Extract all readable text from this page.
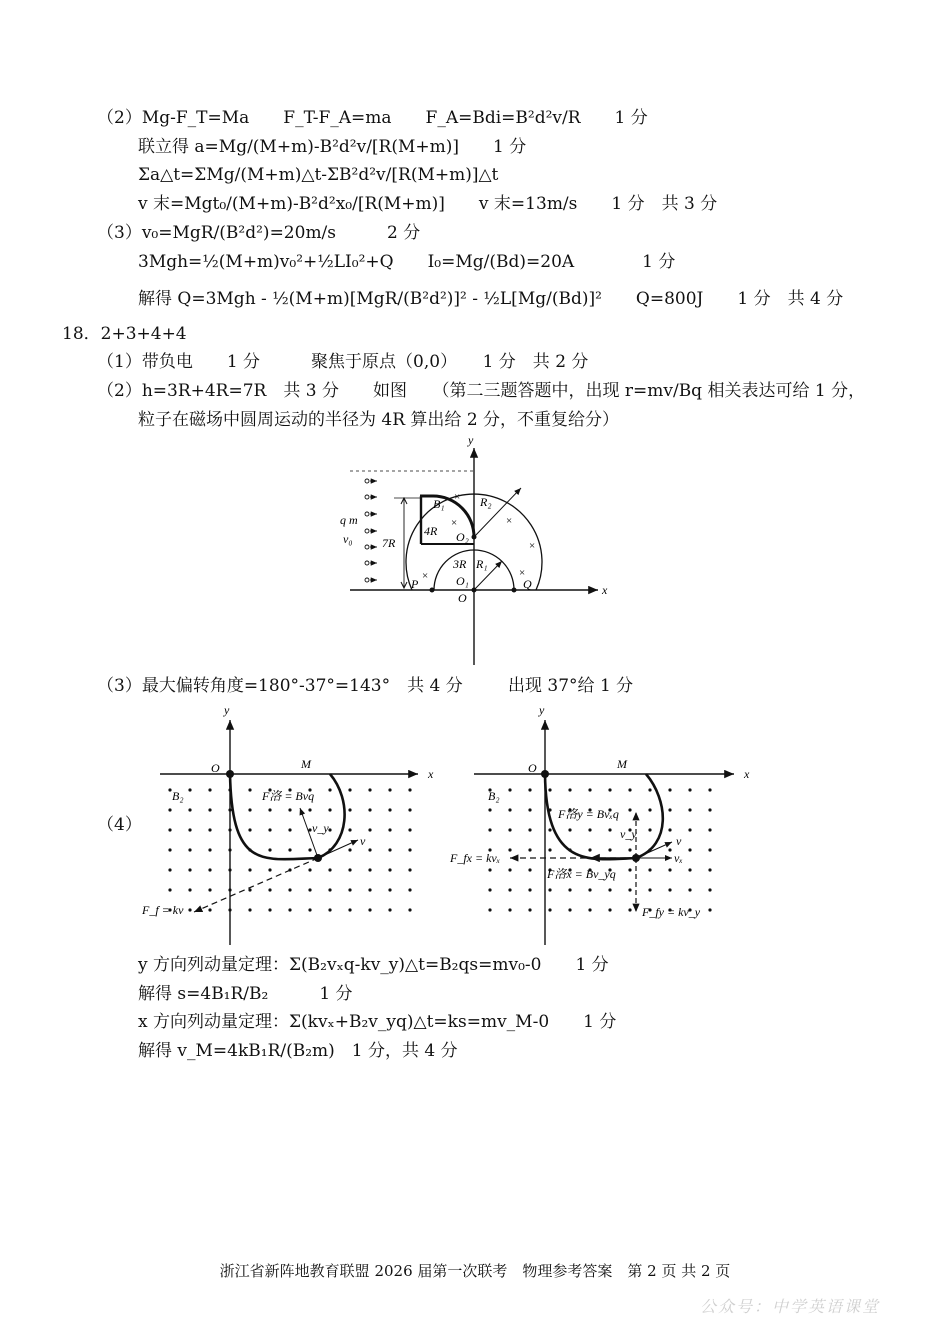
（2）Mg-F_T=Ma　　F_T-F_A=ma　　F_A=Bdi=B²d²v/R　　1 分
联立得 a=Mg/(M+m)-B²d²v/[R(M+m)]　　1 分
Σa△t=ΣMg/(M+m)△t-ΣB²d²v/[R(M+m)]△t
v 末=Mgt₀/(M+m)-B²d²x₀/[R(M+m)]　　v 末=13m/s　　1 分　共 3 分
（3）v₀=MgR/(B²d²)=20m/s　　　2 分
3Mgh=½(M+m)v₀²+½LI₀²+Q　　I₀=Mg/(Bd)=20A　　　　1 分
解得 Q=3Mgh - ½(M+m)[MgR/(B²d²)]² - ½L[Mg/(Bd)]²　　Q=800J　　1 分　共 4 分
18．2+3+4+4
（1）带负电　　1 分　　　聚焦于原点（0,0）　　1 分　共 2 分
（2）h=3R+4R=7R　共 3 分　　如图　　（第二三题答题中，出现 r=mv/Bq 相关表达可给 1 分，
粒子在磁场中圆周运动的半径为 4R 算出给 2 分，不重复给分）
×
×
×
×
×	×
y
x
B₁	R₂
q m
v₀ 7R
4R O₂
3R R₁
O₁
P	Q
O
（3）最大偏转角度=180°-37°=143°　共 4 分	出现 37°给 1 分
（4）
y
x
O	M
B₂	F洛 = Bvq
v_y
v
F_f = kv
y
x
O	M
B₂
F洛y = Bvₓq
v_y	v
vₓ
F_fx = kvₓ
F洛x = Bv_yq
F_fy = kv_y
y 方向列动量定理：Σ(B₂vₓq-kv_y)△t=B₂qs=mv₀-0　　1 分
解得 s=4B₁R/B₂　　　1 分
x 方向列动量定理：Σ(kvₓ+B₂v_yq)△t=ks=mv_M-0　　1 分
解得 v_M=4kB₁R/(B₂m)　1 分，共 4 分
浙江省新阵地教育联盟 2026 届第一次联考　物理参考答案　第 2 页 共 2 页
公众号：中学英语课堂
